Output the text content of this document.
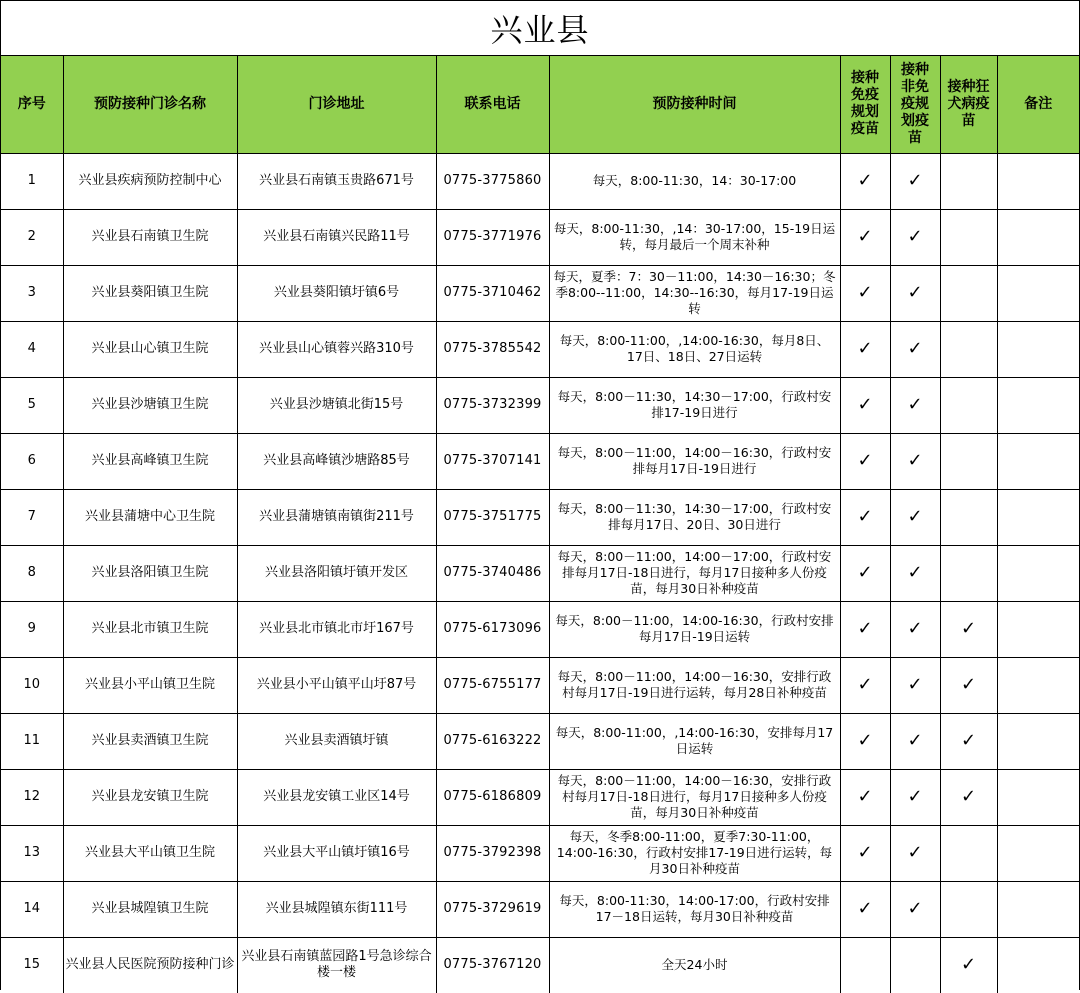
兴业县
序号	预防接种门诊名称	门诊地址	联系电话	预防接种时间	接种免疫规划疫苗	接种非免疫规划疫苗	接种狂犬病疫苗	备注
1	兴业县疾病预防控制中心	兴业县石南镇玉贵路671号	0775-3775860	每天，8:00-11:30，14：30-17:00	✓	✓		
2	兴业县石南镇卫生院	兴业县石南镇兴民路11号	0775-3771976	每天，8:00-11:30，,14：30-17:00，15-19日运转，每月最后一个周末补种	✓	✓		
3	兴业县葵阳镇卫生院	兴业县葵阳镇圩镇6号	0775-3710462	每天，夏季：7：30－11:00，14:30－16:30；冬季8:00--11:00，14:30--16:30，每月17-19日运转	✓	✓		
4	兴业县山心镇卫生院	兴业县山心镇蓉兴路310号	0775-3785542	每天，8:00-11:00，,14:00-16:30，每月8日、17日、18日、27日运转	✓	✓		
5	兴业县沙塘镇卫生院	兴业县沙塘镇北街15号	0775-3732399	每天，8:00－11:30，14:30－17:00，行政村安排17-19日进行	✓	✓		
6	兴业县高峰镇卫生院	兴业县高峰镇沙塘路85号	0775-3707141	每天，8:00－11:00，14:00－16:30，行政村安排每月17日-19日进行	✓	✓		
7	兴业县蒲塘中心卫生院	兴业县蒲塘镇南镇街211号	0775-3751775	每天，8:00－11:30，14:30－17:00，行政村安排每月17日、20日、30日进行	✓	✓		
8	兴业县洛阳镇卫生院	兴业县洛阳镇圩镇开发区	0775-3740486	每天，8:00－11:00，14:00－17:00，行政村安排每月17日-18日进行，每月17日接种多人份疫苗，每月30日补种疫苗	✓	✓		
9	兴业县北市镇卫生院	兴业县北市镇北市圩167号	0775-6173096	每天，8:00－11:00，14:00-16:30，行政村安排每月17日-19日运转	✓	✓	✓	
10	兴业县小平山镇卫生院	兴业县小平山镇平山圩87号	0775-6755177	每天，8:00－11:00，14:00－16:30，安排行政村每月17日-19日进行运转，每月28日补种疫苗	✓	✓	✓	
11	兴业县卖酒镇卫生院	兴业县卖酒镇圩镇	0775-6163222	每天，8:00-11:00，,14:00-16:30，安排每月17日运转	✓	✓	✓	
12	兴业县龙安镇卫生院	兴业县龙安镇工业区14号	0775-6186809	每天，8:00－11:00，14:00－16:30，安排行政村每月17日-18日进行，每月17日接种多人份疫苗，每月30日补种疫苗	✓	✓	✓	
13	兴业县大平山镇卫生院	兴业县大平山镇圩镇16号	0775-3792398	每天，冬季8:00-11:00，夏季7:30-11:00，14:00-16:30，行政村安排17-19日进行运转，每月30日补种疫苗	✓	✓		
14	兴业县城隍镇卫生院	兴业县城隍镇东街111号	0775-3729619	每天，8:00-11:30，14:00-17:00，行政村安排17－18日运转，每月30日补种疫苗	✓	✓		
15	兴业县人民医院预防接种门诊	兴业县石南镇蓝园路1号急诊综合楼一楼	0775-3767120	全天24小时			✓	
